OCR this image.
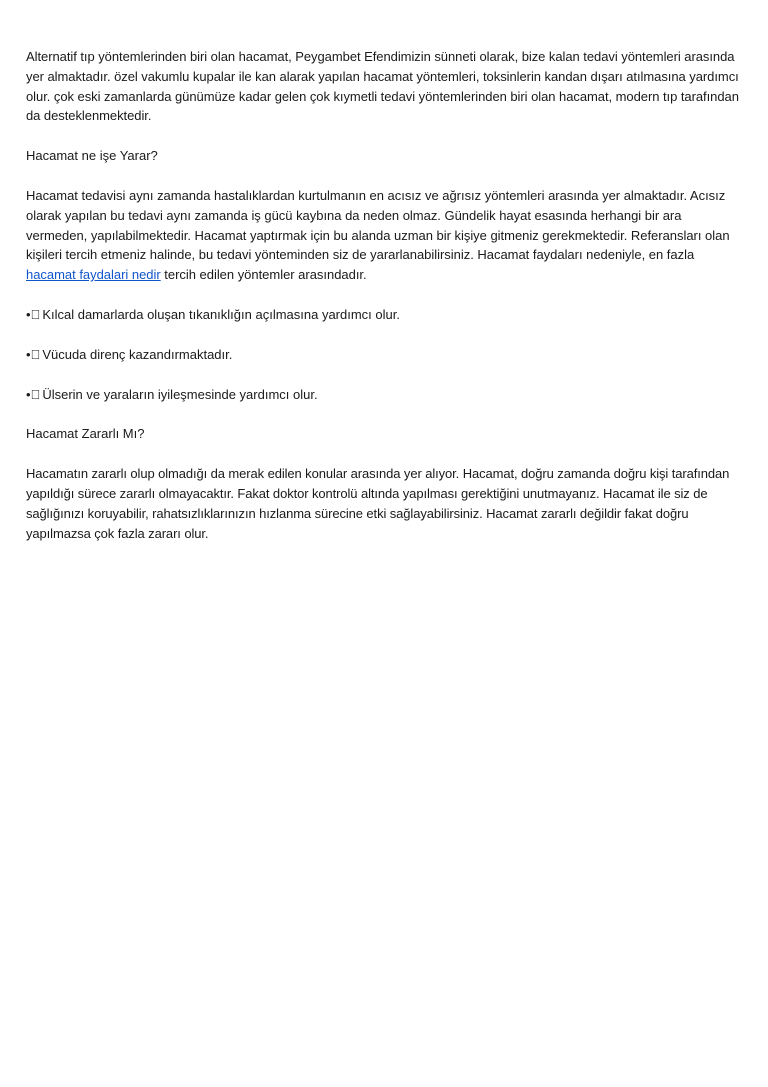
Alternatif tıp yöntemlerinden biri olan hacamat, Peygambet Efendimizin sünneti olarak, bize kalan tedavi yöntemleri arasında yer almaktadır. özel vakumlu kupalar ile kan alarak yapılan hacamat yöntemleri, toksinlerin kandan dışarı atılmasına yardımcı olur. çok eski zamanlarda günümüze kadar gelen çok kıymetli tedavi yöntemlerinden biri olan hacamat, modern tıp tarafından da desteklenmektedir.

Hacamat ne işe Yarar?

Hacamat tedavisi aynı zamanda hastalıklardan kurtulmanın en acısız ve ağrısız yöntemleri arasında yer almaktadır. Acısız olarak yapılan bu tedavi aynı zamanda iş gücü kaybına da neden olmaz. Gündelik hayat esasında herhangi bir ara vermeden, yapılabilmektedir. Hacamat yaptırmak için bu alanda uzman bir kişiye gitmeniz gerekmektedir. Referansları olan kişileri tercih etmeniz halinde, bu tedavi yönteminden siz de yararlanabilirsiniz. Hacamat faydaları nedeniyle, en fazla hacamat faydalari nedir tercih edilen yöntemler arasındadır.

•  Kılcal damarlarda oluşan tıkanıklığın açılmasına yardımcı olur.

•  Vücuda direnç kazandırmaktadır.

•  Ülserin ve yaraların iyileşmesinde yardımcı olur.

Hacamat Zararlı Mı?

Hacamatın zararlı olup olmadığı da merak edilen konular arasında yer alıyor. Hacamat, doğru zamanda doğru kişi tarafından yapıldığı sürece zararlı olmayacaktır. Fakat doktor kontrolü altında yapılması gerektiğini unutmayanız. Hacamat ile siz de sağlığınızı koruyabilir, rahatsızlıklarınızın hızlanma sürecine etki sağlayabilirsiniz. Hacamat zararlı değildir fakat doğru yapılmazsa çok fazla zararı olur.
